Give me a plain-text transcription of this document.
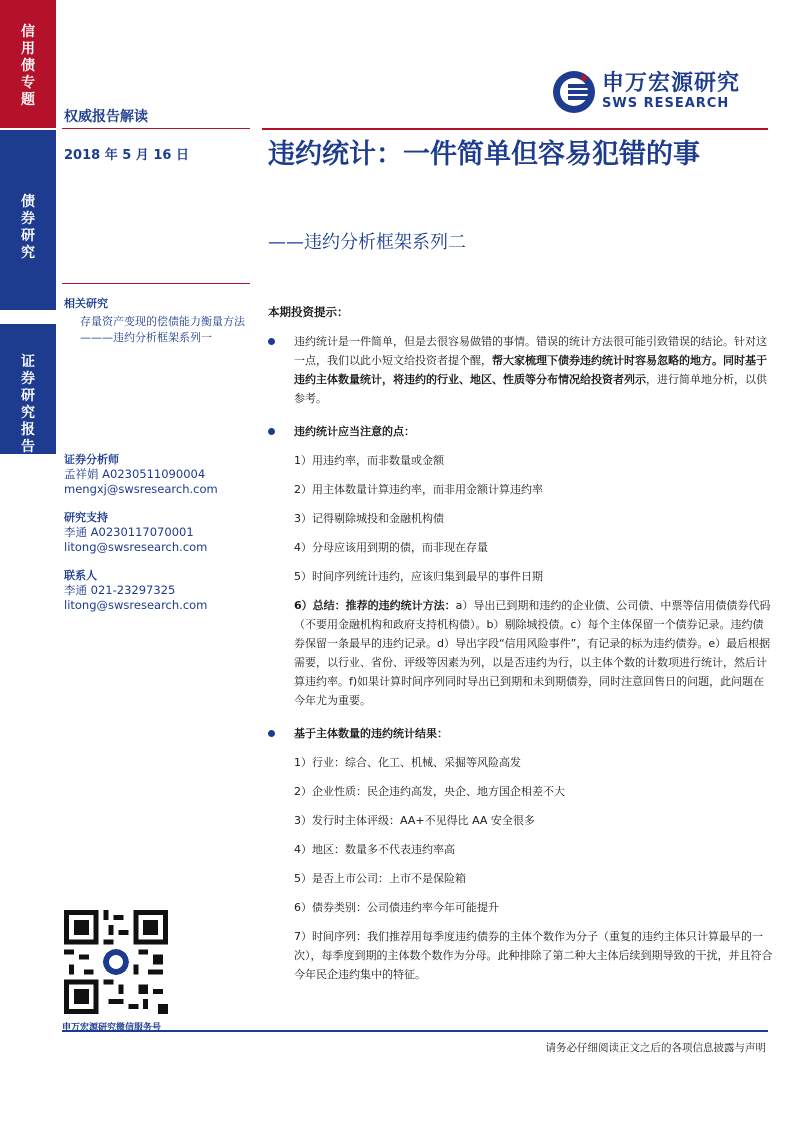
信
用
债
专
题
债
券
研
究
证
券
研
究
报
告
申万宏源研究
SWS RESEARCH
权威报告解读
2018 年 5 月 16 日	违约统计：一件简单但容易犯错的事
——违约分析框架系列二
相关研究
存量资产变现的偿债能力衡量方法———违约分析框架系列一
证券分析师
孟祥娟 A0230511090004
mengxj@swsresearch.com
研究支持
李通 A0230117070001
litong@swsresearch.com
联系人
李通 021-23297325
litong@swsresearch.com
本期投资提示：
违约统计是一件简单，但是去很容易做错的事情。错误的统计方法很可能引致错误的结论。针对这一点，我们以此小短文给投资者提个醒，帮大家梳理下债券违约统计时容易忽略的地方。同时基于违约主体数量统计，将违约的行业、地区、性质等分布情况给投资者列示，进行简单地分析，以供参考。
违约统计应当注意的点：
1）用违约率，而非数量或金额
2）用主体数量计算违约率，而非用金额计算违约率
3）记得剔除城投和金融机构债
4）分母应该用到期的债，而非现在存量
5）时间序列统计违约，应该归集到最早的事件日期
6）总结：推荐的违约统计方法：a）导出已到期和违约的企业债、公司债、中票等信用债债券代码（不要用金融机构和政府支持机构债）。b）剔除城投债。c）每个主体保留一个债券记录。违约债券保留一条最早的违约记录。d）导出字段“信用风险事件”，有记录的标为违约债券。e）最后根据需要，以行业、省份、评级等因素为列，以是否违约为行，以主体个数的计数项进行统计，然后计算违约率。f)如果计算时间序列同时导出已到期和未到期债券，同时注意回售日的问题，此问题在今年尤为重要。
基于主体数量的违约统计结果：
1）行业：综合、化工、机械、采掘等风险高发
2）企业性质：民企违约高发，央企、地方国企相差不大
3）发行时主体评级：AA+不见得比 AA 安全很多
4）地区：数量多不代表违约率高
5）是否上市公司：上市不是保险箱
6）债券类别：公司债违约率今年可能提升
7）时间序列：我们推荐用每季度违约债券的主体个数作为分子（重复的违约主体只计算最早的一次），每季度到期的主体数个数作为分母。此种排除了第二种大主体后续到期导致的干扰，并且符合今年民企违约集中的特征。
申万宏源研究微信服务号
请务必仔细阅读正文之后的各项信息披露与声明
